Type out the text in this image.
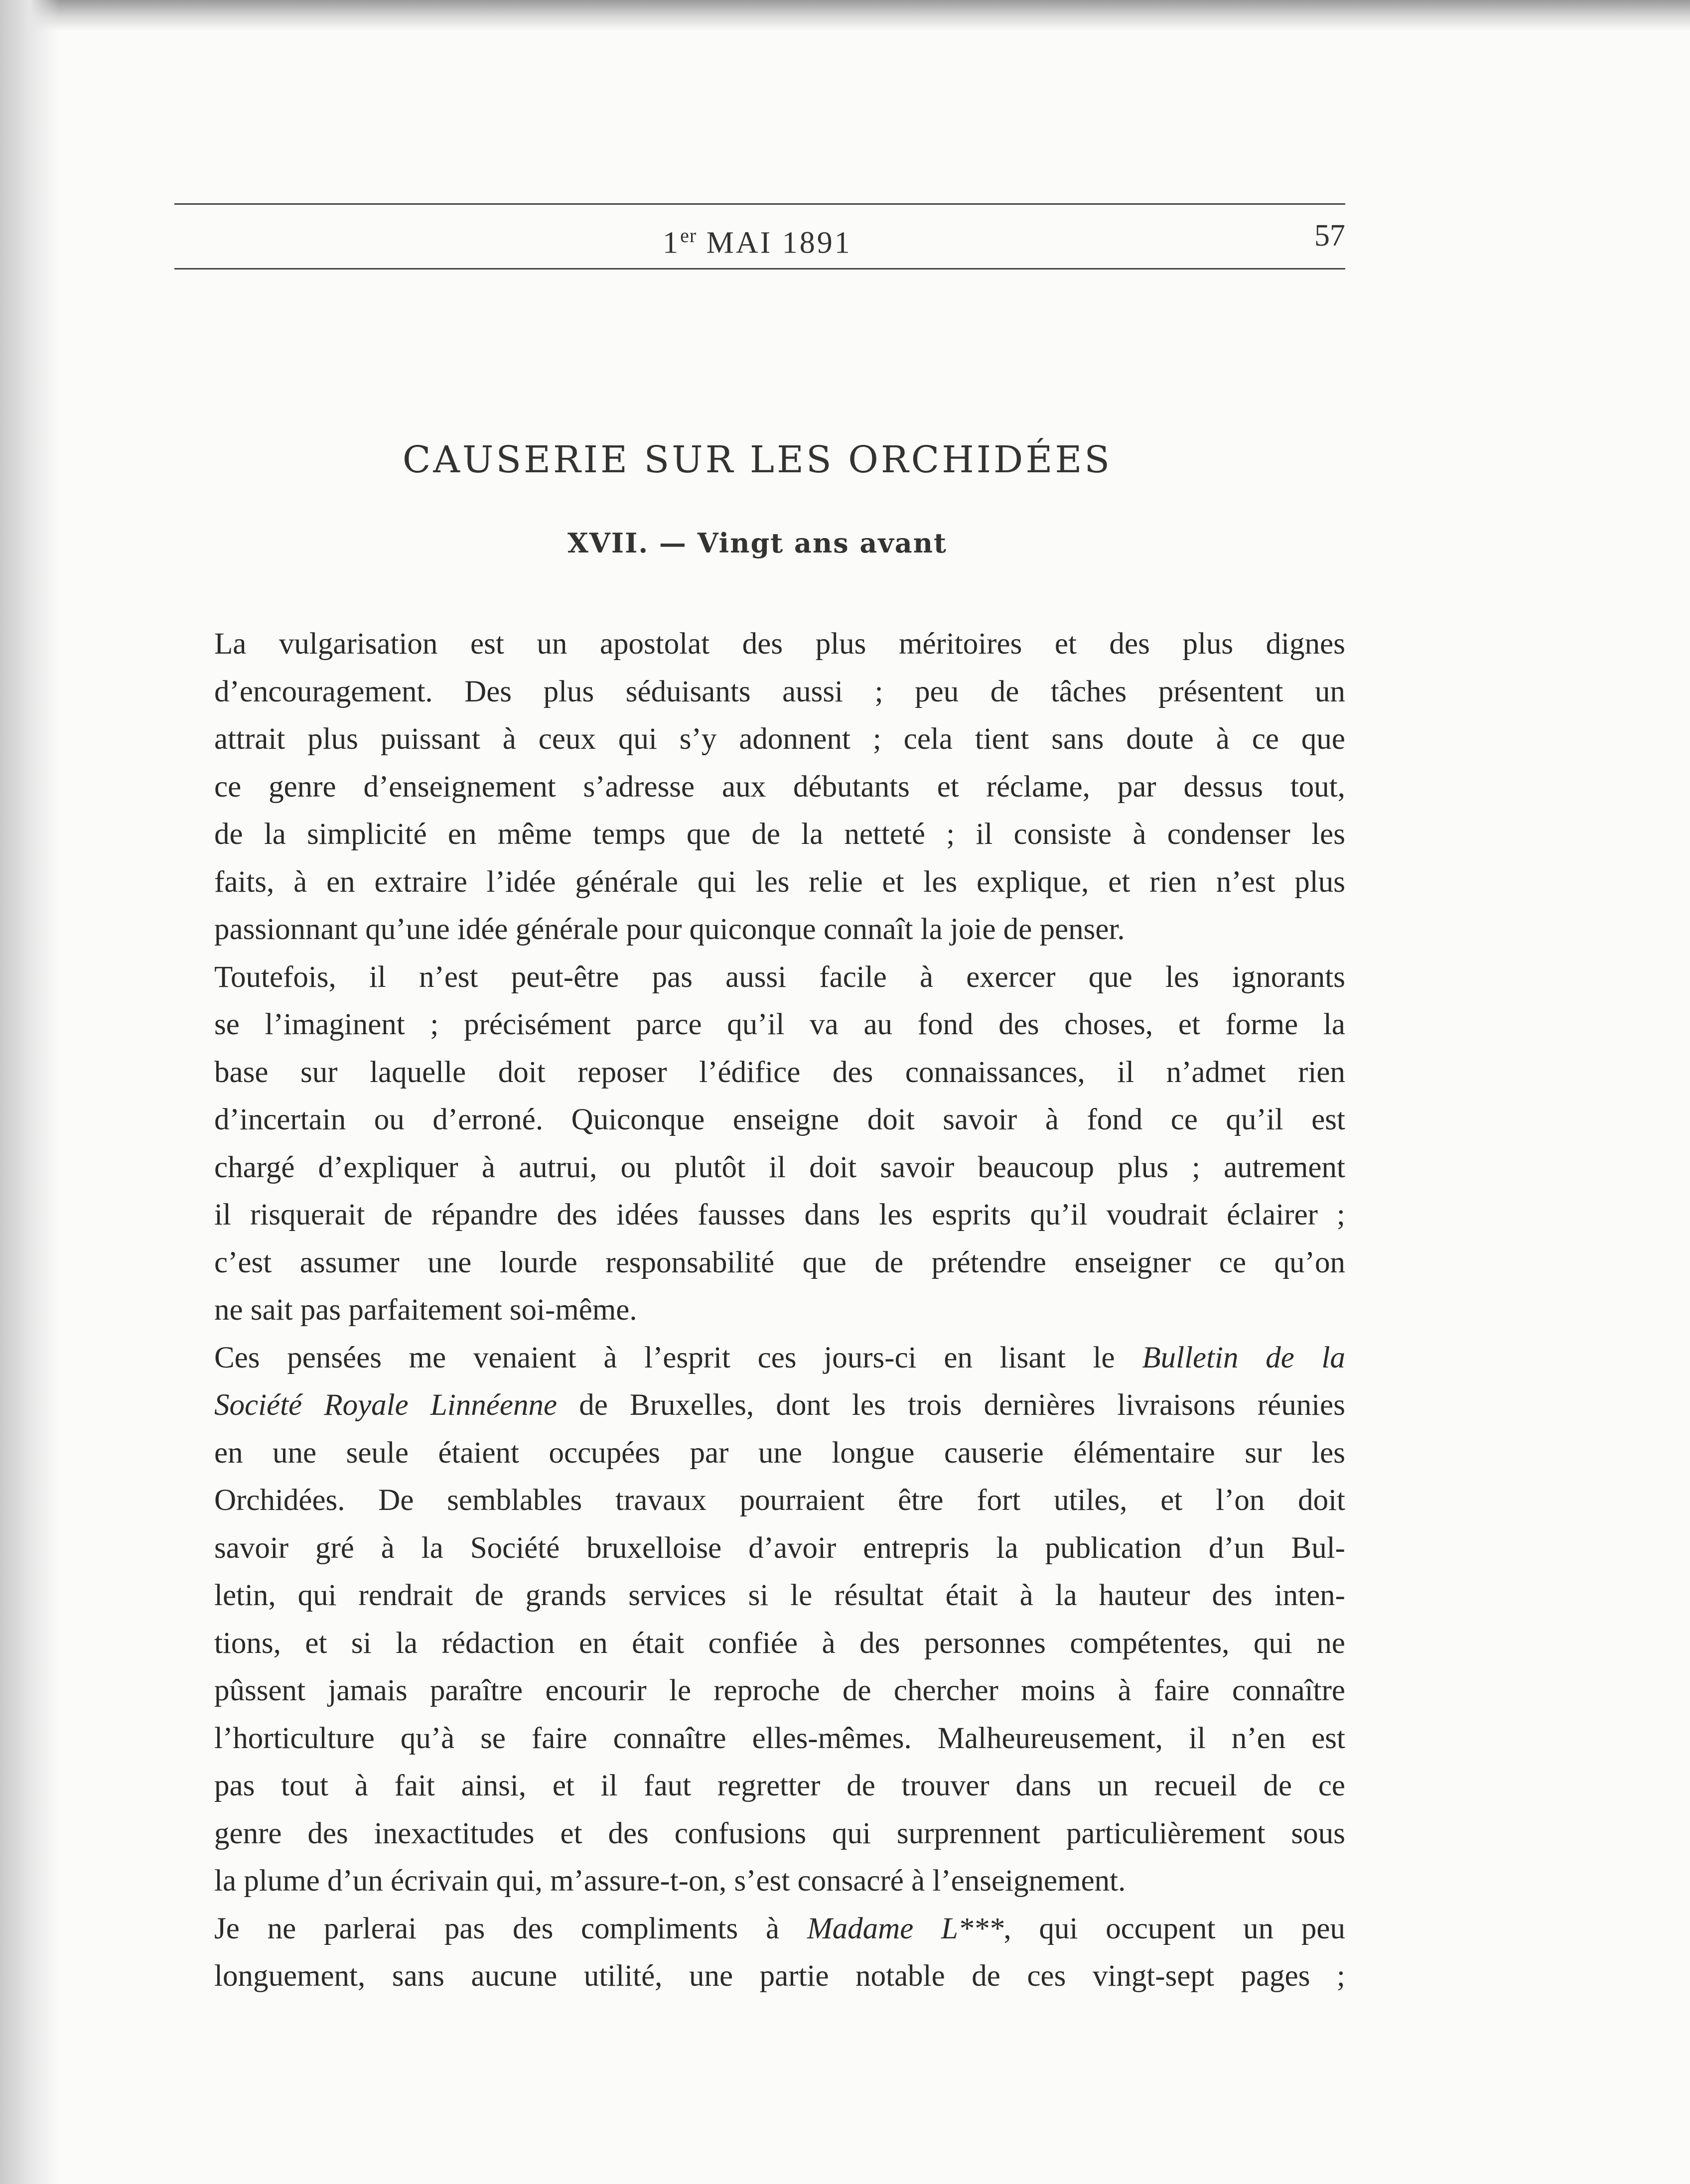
1er MAI 1891	57
CAUSERIE SUR LES ORCHIDÉES
XVII. — Vingt ans avant

La vulgarisation est un apostolat des plus méritoires et des plus dignes
d’encouragement. Des plus séduisants aussi ; peu de tâches présentent un
attrait plus puissant à ceux qui s’y adonnent ; cela tient sans doute à ce que
ce genre d’enseignement s’adresse aux débutants et réclame, par dessus tout,
de la simplicité en même temps que de la netteté ; il consiste à condenser les
faits, à en extraire l’idée générale qui les relie et les explique, et rien n’est plus
passionnant qu’une idée générale pour quiconque connaît la joie de penser.

Toutefois, il n’est peut-être pas aussi facile à exercer que les ignorants
se l’imaginent ; précisément parce qu’il va au fond des choses, et forme la
base sur laquelle doit reposer l’édifice des connaissances, il n’admet rien
d’incertain ou d’erroné. Quiconque enseigne doit savoir à fond ce qu’il est
chargé d’expliquer à autrui, ou plutôt il doit savoir beaucoup plus ; autrement
il risquerait de répandre des idées fausses dans les esprits qu’il voudrait éclairer ;
c’est assumer une lourde responsabilité que de prétendre enseigner ce qu’on
ne sait pas parfaitement soi-même.

Ces pensées me venaient à l’esprit ces jours-ci en lisant le Bulletin de la
Société Royale Linnéenne de Bruxelles, dont les trois dernières livraisons réunies
en une seule étaient occupées par une longue causerie élémentaire sur les
Orchidées. De semblables travaux pourraient être fort utiles, et l’on doit
savoir gré à la Société bruxelloise d’avoir entrepris la publication d’un Bul-
letin, qui rendrait de grands services si le résultat était à la hauteur des inten-
tions, et si la rédaction en était confiée à des personnes compétentes, qui ne
pûssent jamais paraître encourir le reproche de chercher moins à faire connaître
l’horticulture qu’à se faire connaître elles-mêmes. Malheureusement, il n’en est
pas tout à fait ainsi, et il faut regretter de trouver dans un recueil de ce
genre des inexactitudes et des confusions qui surprennent particulièrement sous
la plume d’un écrivain qui, m’assure-t-on, s’est consacré à l’enseignement.

Je ne parlerai pas des compliments à Madame L***, qui occupent un peu
longuement, sans aucune utilité, une partie notable de ces vingt-sept pages ;
